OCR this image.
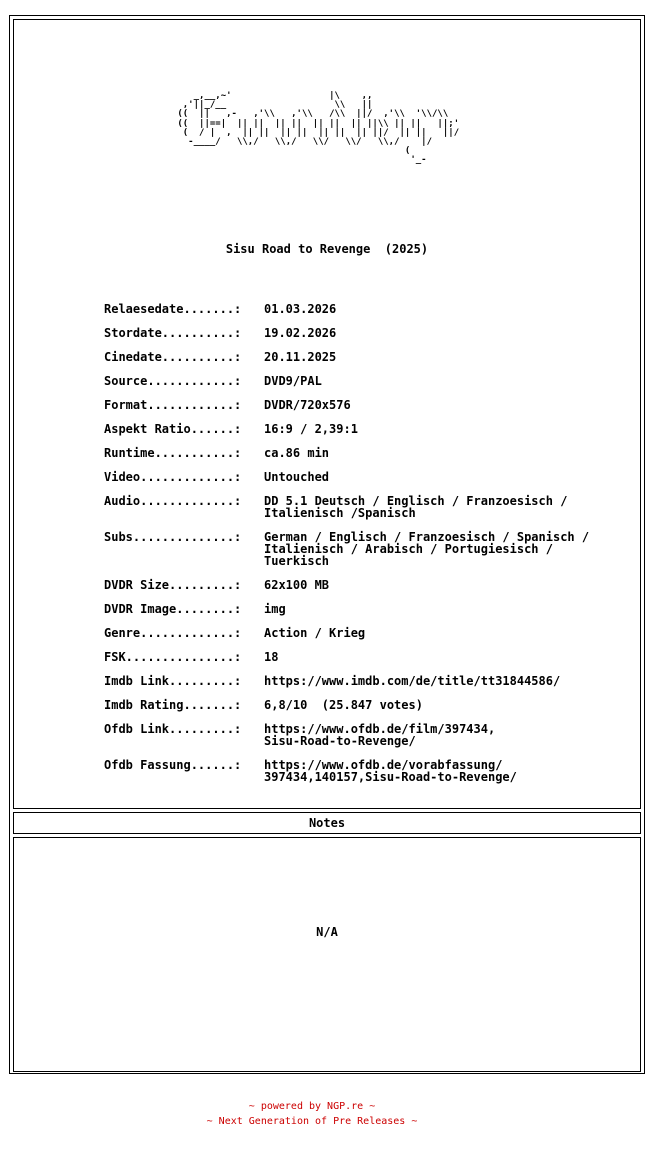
_,__,~'                  |\    ,,
,'||_/__                    \\   ||
((  ||   ,-   ,'\\   ,'\\   /\\  ||/  ,'\\  '\\/\\
((  ||==|  || ||  || ||  || ||  || ||\\ || ||   ||;'
(  / |  ,  || ||  || ||  || ||  || ||/  || ||   ||/
-____/   \\,/   \\,/   \\/   \\/   \\,/    |/
(
'_-
Sisu Road to Revenge  (2025)
Relaesedate.......:	01.03.2026
Stordate..........:	19.02.2026
Cinedate..........:	20.11.2025
Source............:	DVD9/PAL
Format............:	DVDR/720x576
Aspekt Ratio......:	16:9 / 2,39:1
Runtime...........:	ca.86 min
Video.............:	Untouched
Audio.............:	DD 5.1 Deutsch / Englisch / Franzoesisch /
Italienisch /Spanisch
Subs..............:	German / Englisch / Franzoesisch / Spanisch /
Italienisch / Arabisch / Portugiesisch /
Tuerkisch
DVDR Size.........:	62x100 MB
DVDR Image........:	img
Genre.............:	Action / Krieg
FSK...............:	18
Imdb Link.........:	https://www.imdb.com/de/title/tt31844586/
Imdb Rating.......:	6,8/10  (25.847 votes)
Ofdb Link.........:	https://www.ofdb.de/film/397434,
Sisu-Road-to-Revenge/
Ofdb Fassung......:	https://www.ofdb.de/vorabfassung/
397434,140157,Sisu-Road-to-Revenge/
Notes
N/A
~ powered by NGP.re ~
~ Next Generation of Pre Releases ~
